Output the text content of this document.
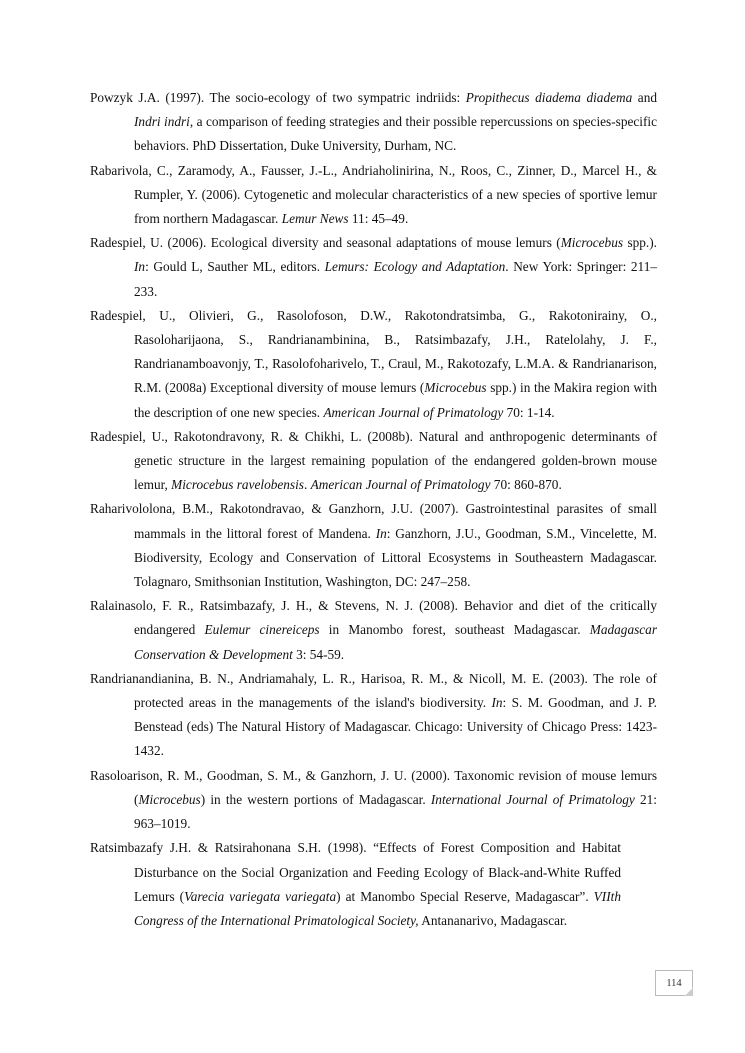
Powzyk J.A. (1997). The socio-ecology of two sympatric indriids: Propithecus diadema diadema and Indri indri, a comparison of feeding strategies and their possible repercussions on species-specific behaviors. PhD Dissertation, Duke University, Durham, NC.

Rabarivola, C., Zaramody, A., Fausser, J.-L., Andriaholinirina, N., Roos, C., Zinner, D., Marcel H., & Rumpler, Y. (2006). Cytogenetic and molecular characteristics of a new species of sportive lemur from northern Madagascar. Lemur News 11: 45–49.

Radespiel, U. (2006). Ecological diversity and seasonal adaptations of mouse lemurs (Microcebus spp.). In: Gould L, Sauther ML, editors. Lemurs: Ecology and Adaptation. New York: Springer: 211–233.

Radespiel, U., Olivieri, G., Rasolofoson, D.W., Rakotondratsimba, G., Rakotonirainy, O., Rasoloharijaona, S., Randrianambinina, B., Ratsimbazafy, J.H., Ratelolahy, J. F., Randrianamboavonjy, T., Rasolofoharivelo, T., Craul, M., Rakotozafy, L.M.A. & Randrianarison, R.M. (2008a) Exceptional diversity of mouse lemurs (Microcebus spp.) in the Makira region with the description of one new species. American Journal of Primatology 70: 1-14.

Radespiel, U., Rakotondravony, R. & Chikhi, L. (2008b). Natural and anthropogenic determinants of genetic structure in the largest remaining population of the endangered golden-brown mouse lemur, Microcebus ravelobensis. American Journal of Primatology 70: 860-870.

Raharivololona, B.M., Rakotondravao, & Ganzhorn, J.U. (2007). Gastrointestinal parasites of small mammals in the littoral forest of Mandena. In: Ganzhorn, J.U., Goodman, S.M., Vincelette, M. Biodiversity, Ecology and Conservation of Littoral Ecosystems in Southeastern Madagascar. Tolagnaro, Smithsonian Institution, Washington, DC: 247–258.

Ralainasolo, F. R., Ratsimbazafy, J. H., & Stevens, N. J. (2008). Behavior and diet of the critically endangered Eulemur cinereiceps in Manombo forest, southeast Madagascar. Madagascar Conservation & Development 3: 54-59.

Randrianandianina, B. N., Andriamahaly, L. R., Harisoa, R. M., & Nicoll, M. E. (2003). The role of protected areas in the managements of the island's biodiversity. In: S. M. Goodman, and J. P. Benstead (eds) The Natural History of Madagascar. Chicago: University of Chicago Press: 1423-1432.

Rasoloarison, R. M., Goodman, S. M., & Ganzhorn, J. U. (2000). Taxonomic revision of mouse lemurs (Microcebus) in the western portions of Madagascar. International Journal of Primatology 21: 963–1019.

Ratsimbazafy J.H. & Ratsirahonana S.H. (1998). “Effects of Forest Composition and Habitat Disturbance on the Social Organization and Feeding Ecology of Black-and-White Ruffed Lemurs (Varecia variegata variegata) at Manombo Special Reserve, Madagascar”. VIIth Congress of the International Primatological Society, Antananarivo, Madagascar.

114
